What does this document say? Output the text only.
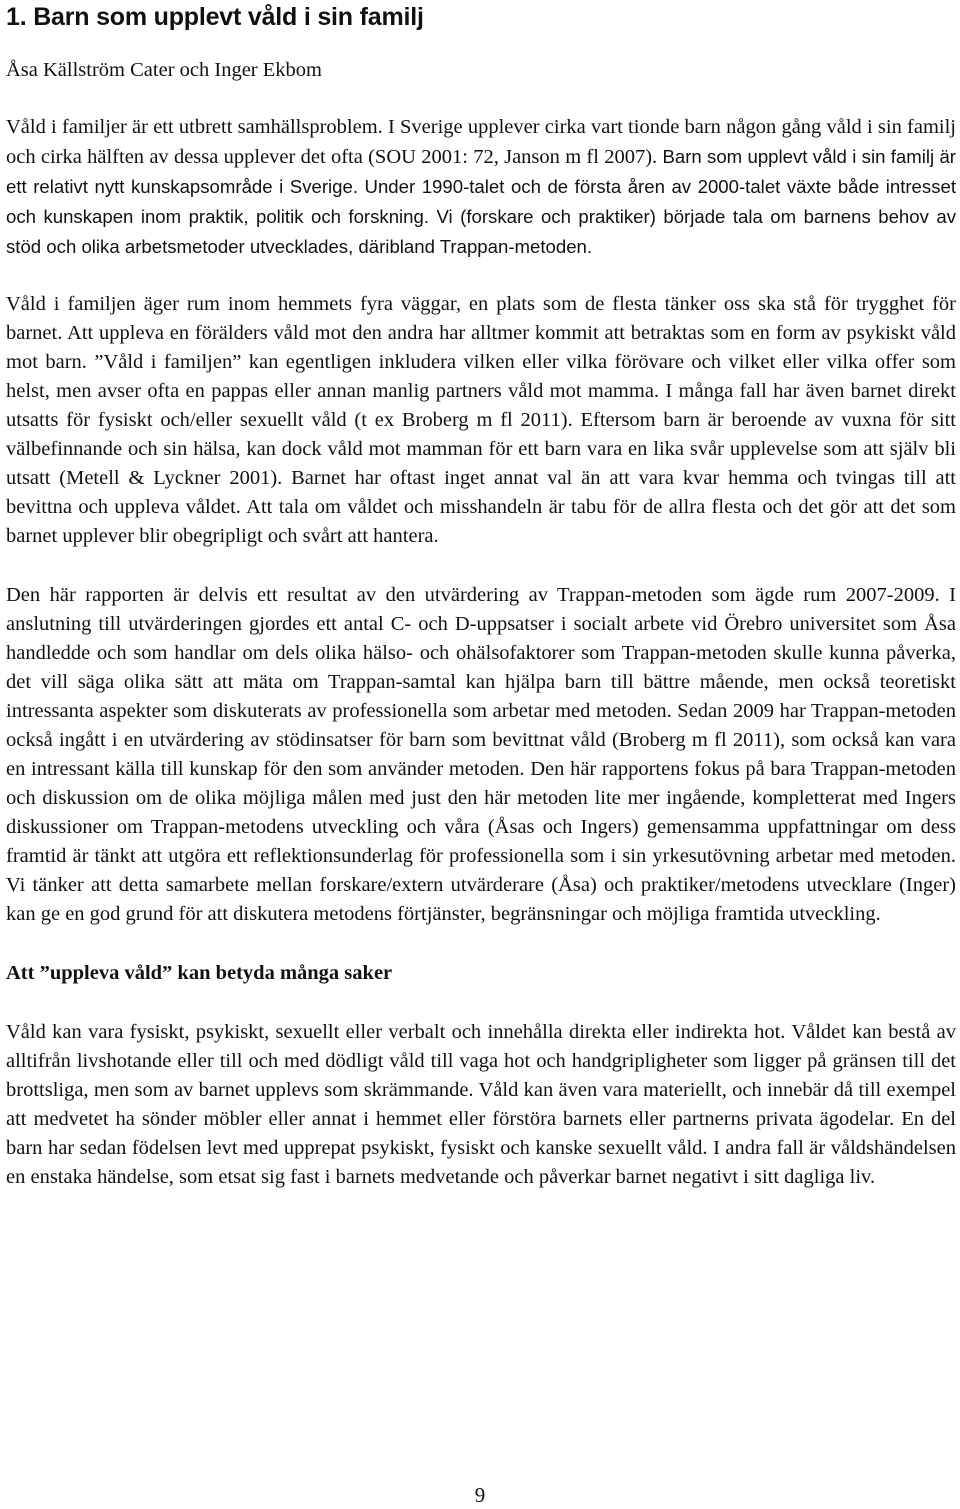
1. Barn som upplevt våld i sin familj

Åsa Källström Cater och Inger Ekbom

Våld i familjer är ett utbrett samhällsproblem. I Sverige upplever cirka vart tionde barn någon gång våld i sin familj och cirka hälften av dessa upplever det ofta (SOU 2001: 72, Janson m fl 2007). Barn som upplevt våld i sin familj är ett relativt nytt kunskapsområde i Sverige. Under 1990-talet och de första åren av 2000-talet växte både intresset och kunskapen inom praktik, politik och forskning. Vi (forskare och praktiker) började tala om barnens behov av stöd och olika arbetsmetoder utvecklades, däribland Trappan-metoden.

Våld i familjen äger rum inom hemmets fyra väggar, en plats som de flesta tänker oss ska stå för trygghet för barnet. Att uppleva en förälders våld mot den andra har alltmer kommit att betraktas som en form av psykiskt våld mot barn. ”Våld i familjen” kan egentligen inkludera vilken eller vilka förövare och vilket eller vilka offer som helst, men avser ofta en pappas eller annan manlig partners våld mot mamma. I många fall har även barnet direkt utsatts för fysiskt och/eller sexuellt våld (t ex Broberg m fl 2011). Eftersom barn är beroende av vuxna för sitt välbefinnande och sin hälsa, kan dock våld mot mamman för ett barn vara en lika svår upplevelse som att själv bli utsatt (Metell & Lyckner 2001). Barnet har oftast inget annat val än att vara kvar hemma och tvingas till att bevittna och uppleva våldet. Att tala om våldet och misshandeln är tabu för de allra flesta och det gör att det som barnet upplever blir obegripligt och svårt att hantera.

Den här rapporten är delvis ett resultat av den utvärdering av Trappan-metoden som ägde rum 2007-2009. I anslutning till utvärderingen gjordes ett antal C- och D-uppsatser i socialt arbete vid Örebro universitet som Åsa handledde och som handlar om dels olika hälso- och ohälsofaktorer som Trappan-metoden skulle kunna påverka, det vill säga olika sätt att mäta om Trappan-samtal kan hjälpa barn till bättre mående, men också teoretiskt intressanta aspekter som diskuterats av professionella som arbetar med metoden. Sedan 2009 har Trappan-metoden också ingått i en utvärdering av stödinsatser för barn som bevittnat våld (Broberg m fl 2011), som också kan vara en intressant källa till kunskap för den som använder metoden. Den här rapportens fokus på bara Trappan-metoden och diskussion om de olika möjliga målen med just den här metoden lite mer ingående, kompletterat med Ingers diskussioner om Trappan-metodens utveckling och våra (Åsas och Ingers) gemensamma uppfattningar om dess framtid är tänkt att utgöra ett reflektionsunderlag för professionella som i sin yrkesutövning arbetar med metoden. Vi tänker att detta samarbete mellan forskare/extern utvärderare (Åsa) och praktiker/metodens utvecklare (Inger) kan ge en god grund för att diskutera metodens förtjänster, begränsningar och möjliga framtida utveckling.

Att ”uppleva våld” kan betyda många saker

Våld kan vara fysiskt, psykiskt, sexuellt eller verbalt och innehålla direkta eller indirekta hot. Våldet kan bestå av alltifrån livshotande eller till och med dödligt våld till vaga hot och handgripligheter som ligger på gränsen till det brottsliga, men som av barnet upplevs som skrämmande. Våld kan även vara materiellt, och innebär då till exempel att medvetet ha sönder möbler eller annat i hemmet eller förstöra barnets eller partnerns privata ägodelar. En del barn har sedan födelsen levt med upprepat psykiskt, fysiskt och kanske sexuellt våld. I andra fall är våldshändelsen en enstaka händelse, som etsat sig fast i barnets medvetande och påverkar barnet negativt i sitt dagliga liv.

9
